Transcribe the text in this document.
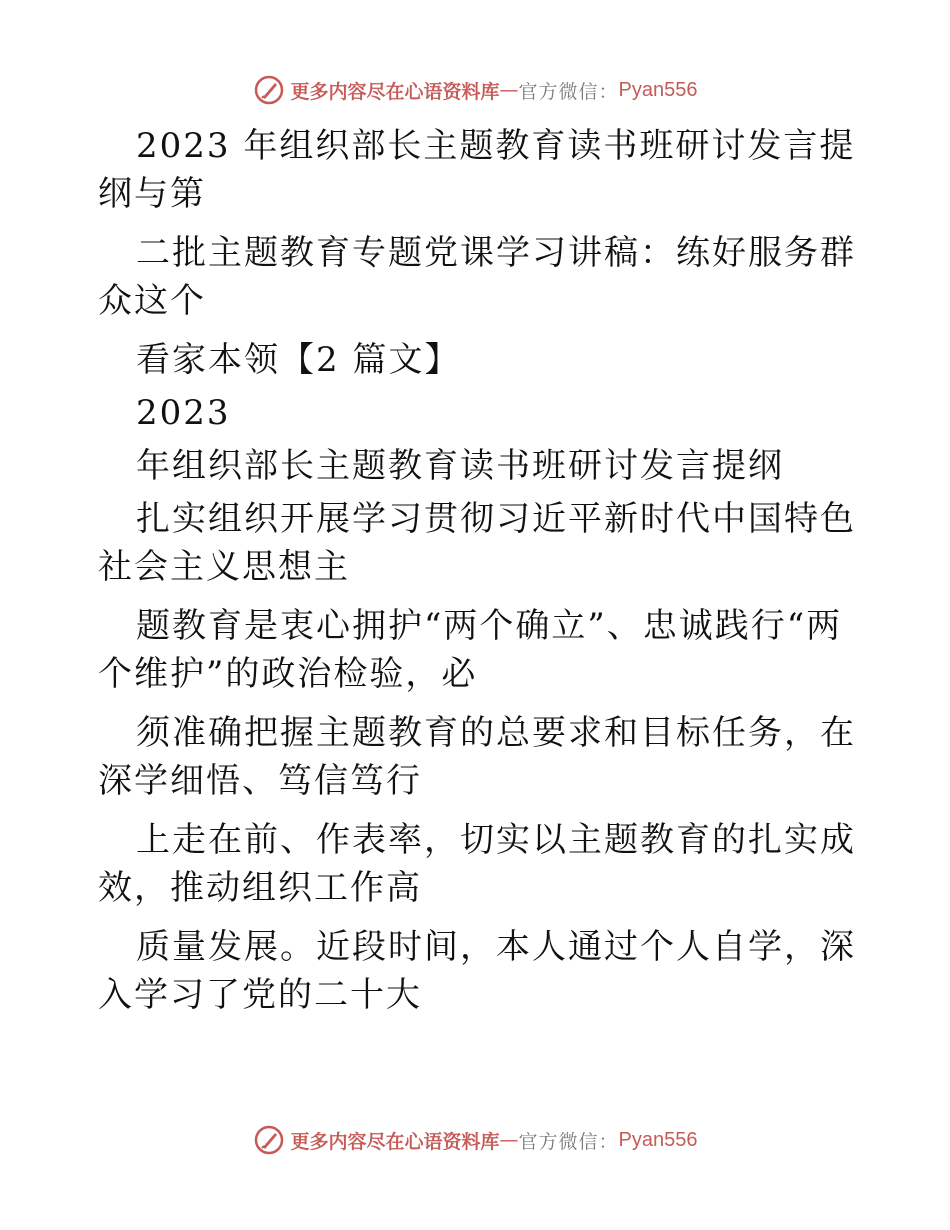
更多内容尽在心语资料库 — 官方微信： Pyan556
2023 年组织部长主题教育读书班研讨发言提纲与第
二批主题教育专题党课学习讲稿：练好服务群众这个
看家本领【2 篇文】
2023
年组织部长主题教育读书班研讨发言提纲
扎实组织开展学习贯彻习近平新时代中国特色社会主义思想主
题教育是衷心拥护“两个确立”、忠诚践行“两个维护”的政治检验，必
须准确把握主题教育的总要求和目标任务，在深学细悟、笃信笃行
上走在前、作表率，切实以主题教育的扎实成效，推动组织工作高
质量发展。近段时间，本人通过个人自学，深入学习了党的二十大
更多内容尽在心语资料库 — 官方微信： Pyan556
